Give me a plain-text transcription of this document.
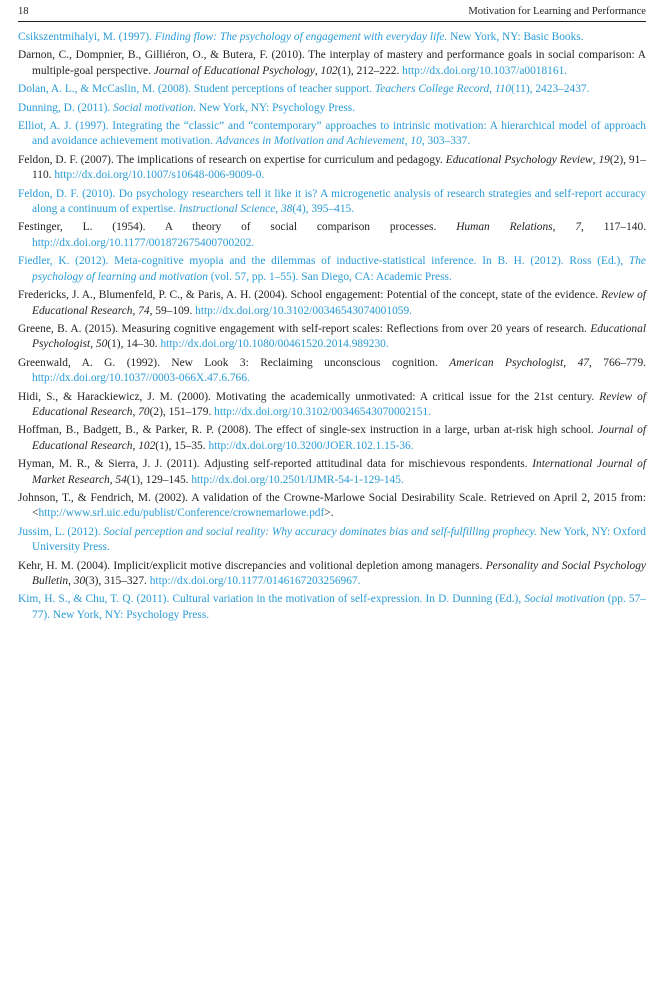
18	Motivation for Learning and Performance

Csikszentmihalyi, M. (1997). Finding flow: The psychology of engagement with everyday life. New York, NY: Basic Books.

Darnon, C., Dompnier, B., Gilliéron, O., & Butera, F. (2010). The interplay of mastery and performance goals in social comparison: A multiple-goal perspective. Journal of Educational Psychology, 102(1), 212–222. http://dx.doi.org/10.1037/a0018161.

Dolan, A. L., & McCaslin, M. (2008). Student perceptions of teacher support. Teachers College Record, 110(11), 2423–2437.

Dunning, D. (2011). Social motivation. New York, NY: Psychology Press.

Elliot, A. J. (1997). Integrating the “classic” and “contemporary” approaches to intrinsic motivation: A hierarchical model of approach and avoidance achievement motivation. Advances in Motivation and Achievement, 10, 303–337.

Feldon, D. F. (2007). The implications of research on expertise for curriculum and pedagogy. Educational Psychology Review, 19(2), 91–110. http://dx.doi.org/10.1007/s10648-006-9009-0.

Feldon, D. F. (2010). Do psychology researchers tell it like it is? A microgenetic analysis of research strategies and self-report accuracy along a continuum of expertise. Instructional Science, 38(4), 395–415.

Festinger, L. (1954). A theory of social comparison processes. Human Relations, 7, 117–140. http://dx.doi.org/10.1177/001872675400700202.

Fiedler, K. (2012). Meta-cognitive myopia and the dilemmas of inductive-statistical inference. In B. H. (2012). Ross (Ed.), The psychology of learning and motivation (vol. 57, pp. 1–55). San Diego, CA: Academic Press.

Fredericks, J. A., Blumenfeld, P. C., & Paris, A. H. (2004). School engagement: Potential of the concept, state of the evidence. Review of Educational Research, 74, 59–109. http://dx.doi.org/10.3102/00346543074001059.

Greene, B. A. (2015). Measuring cognitive engagement with self-report scales: Reflections from over 20 years of research. Educational Psychologist, 50(1), 14–30. http://dx.doi.org/10.1080/00461520.2014.989230.

Greenwald, A. G. (1992). New Look 3: Reclaiming unconscious cognition. American Psychologist, 47, 766–779. http://dx.doi.org/10.1037//0003-066X.47.6.766.

Hidi, S., & Harackiewicz, J. M. (2000). Motivating the academically unmotivated: A critical issue for the 21st century. Review of Educational Research, 70(2), 151–179. http://dx.doi.org/10.3102/00346543070002151.

Hoffman, B., Badgett, B., & Parker, R. P. (2008). The effect of single-sex instruction in a large, urban at-risk high school. Journal of Educational Research, 102(1), 15–35. http://dx.doi.org/10.3200/JOER.102.1.15-36.

Hyman, M. R., & Sierra, J. J. (2011). Adjusting self-reported attitudinal data for mischievous respondents. International Journal of Market Research, 54(1), 129–145. http://dx.doi.org/10.2501/IJMR-54-1-129-145.

Johnson, T., & Fendrich, M. (2002). A validation of the Crowne-Marlowe Social Desirability Scale. Retrieved on April 2, 2015 from: <http://www.srl.uic.edu/publist/Conference/crownemarlowe.pdf>.

Jussim, L. (2012). Social perception and social reality: Why accuracy dominates bias and self-fulfilling prophecy. New York, NY: Oxford University Press.

Kehr, H. M. (2004). Implicit/explicit motive discrepancies and volitional depletion among managers. Personality and Social Psychology Bulletin, 30(3), 315–327. http://dx.doi.org/10.1177/0146167203256967.

Kim, H. S., & Chu, T. Q. (2011). Cultural variation in the motivation of self-expression. In D. Dunning (Ed.), Social motivation (pp. 57–77). New York, NY: Psychology Press.
